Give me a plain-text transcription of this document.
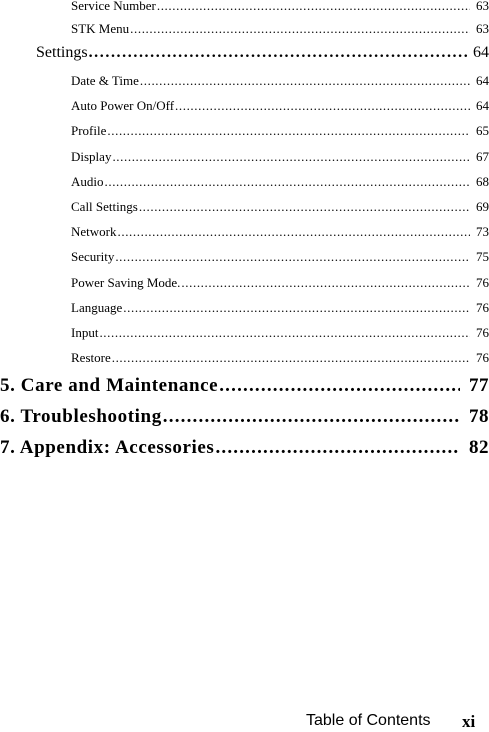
Service Number .....	63
STK Menu .....	63
Settings .....	64
Date & Time .....	64
Auto Power On/Off .....	64
Profile .....	65
Display .....	67
Audio .....	68
Call Settings .....	69
Network .....	73
Security .....	75
Power Saving Mode. .....	76
Language .....	76
Input .....	76
Restore .....	76
5. Care and Maintenance .....	77
6. Troubleshooting .....	78
7. Appendix: Accessories .....	82
Table of Contents xi
